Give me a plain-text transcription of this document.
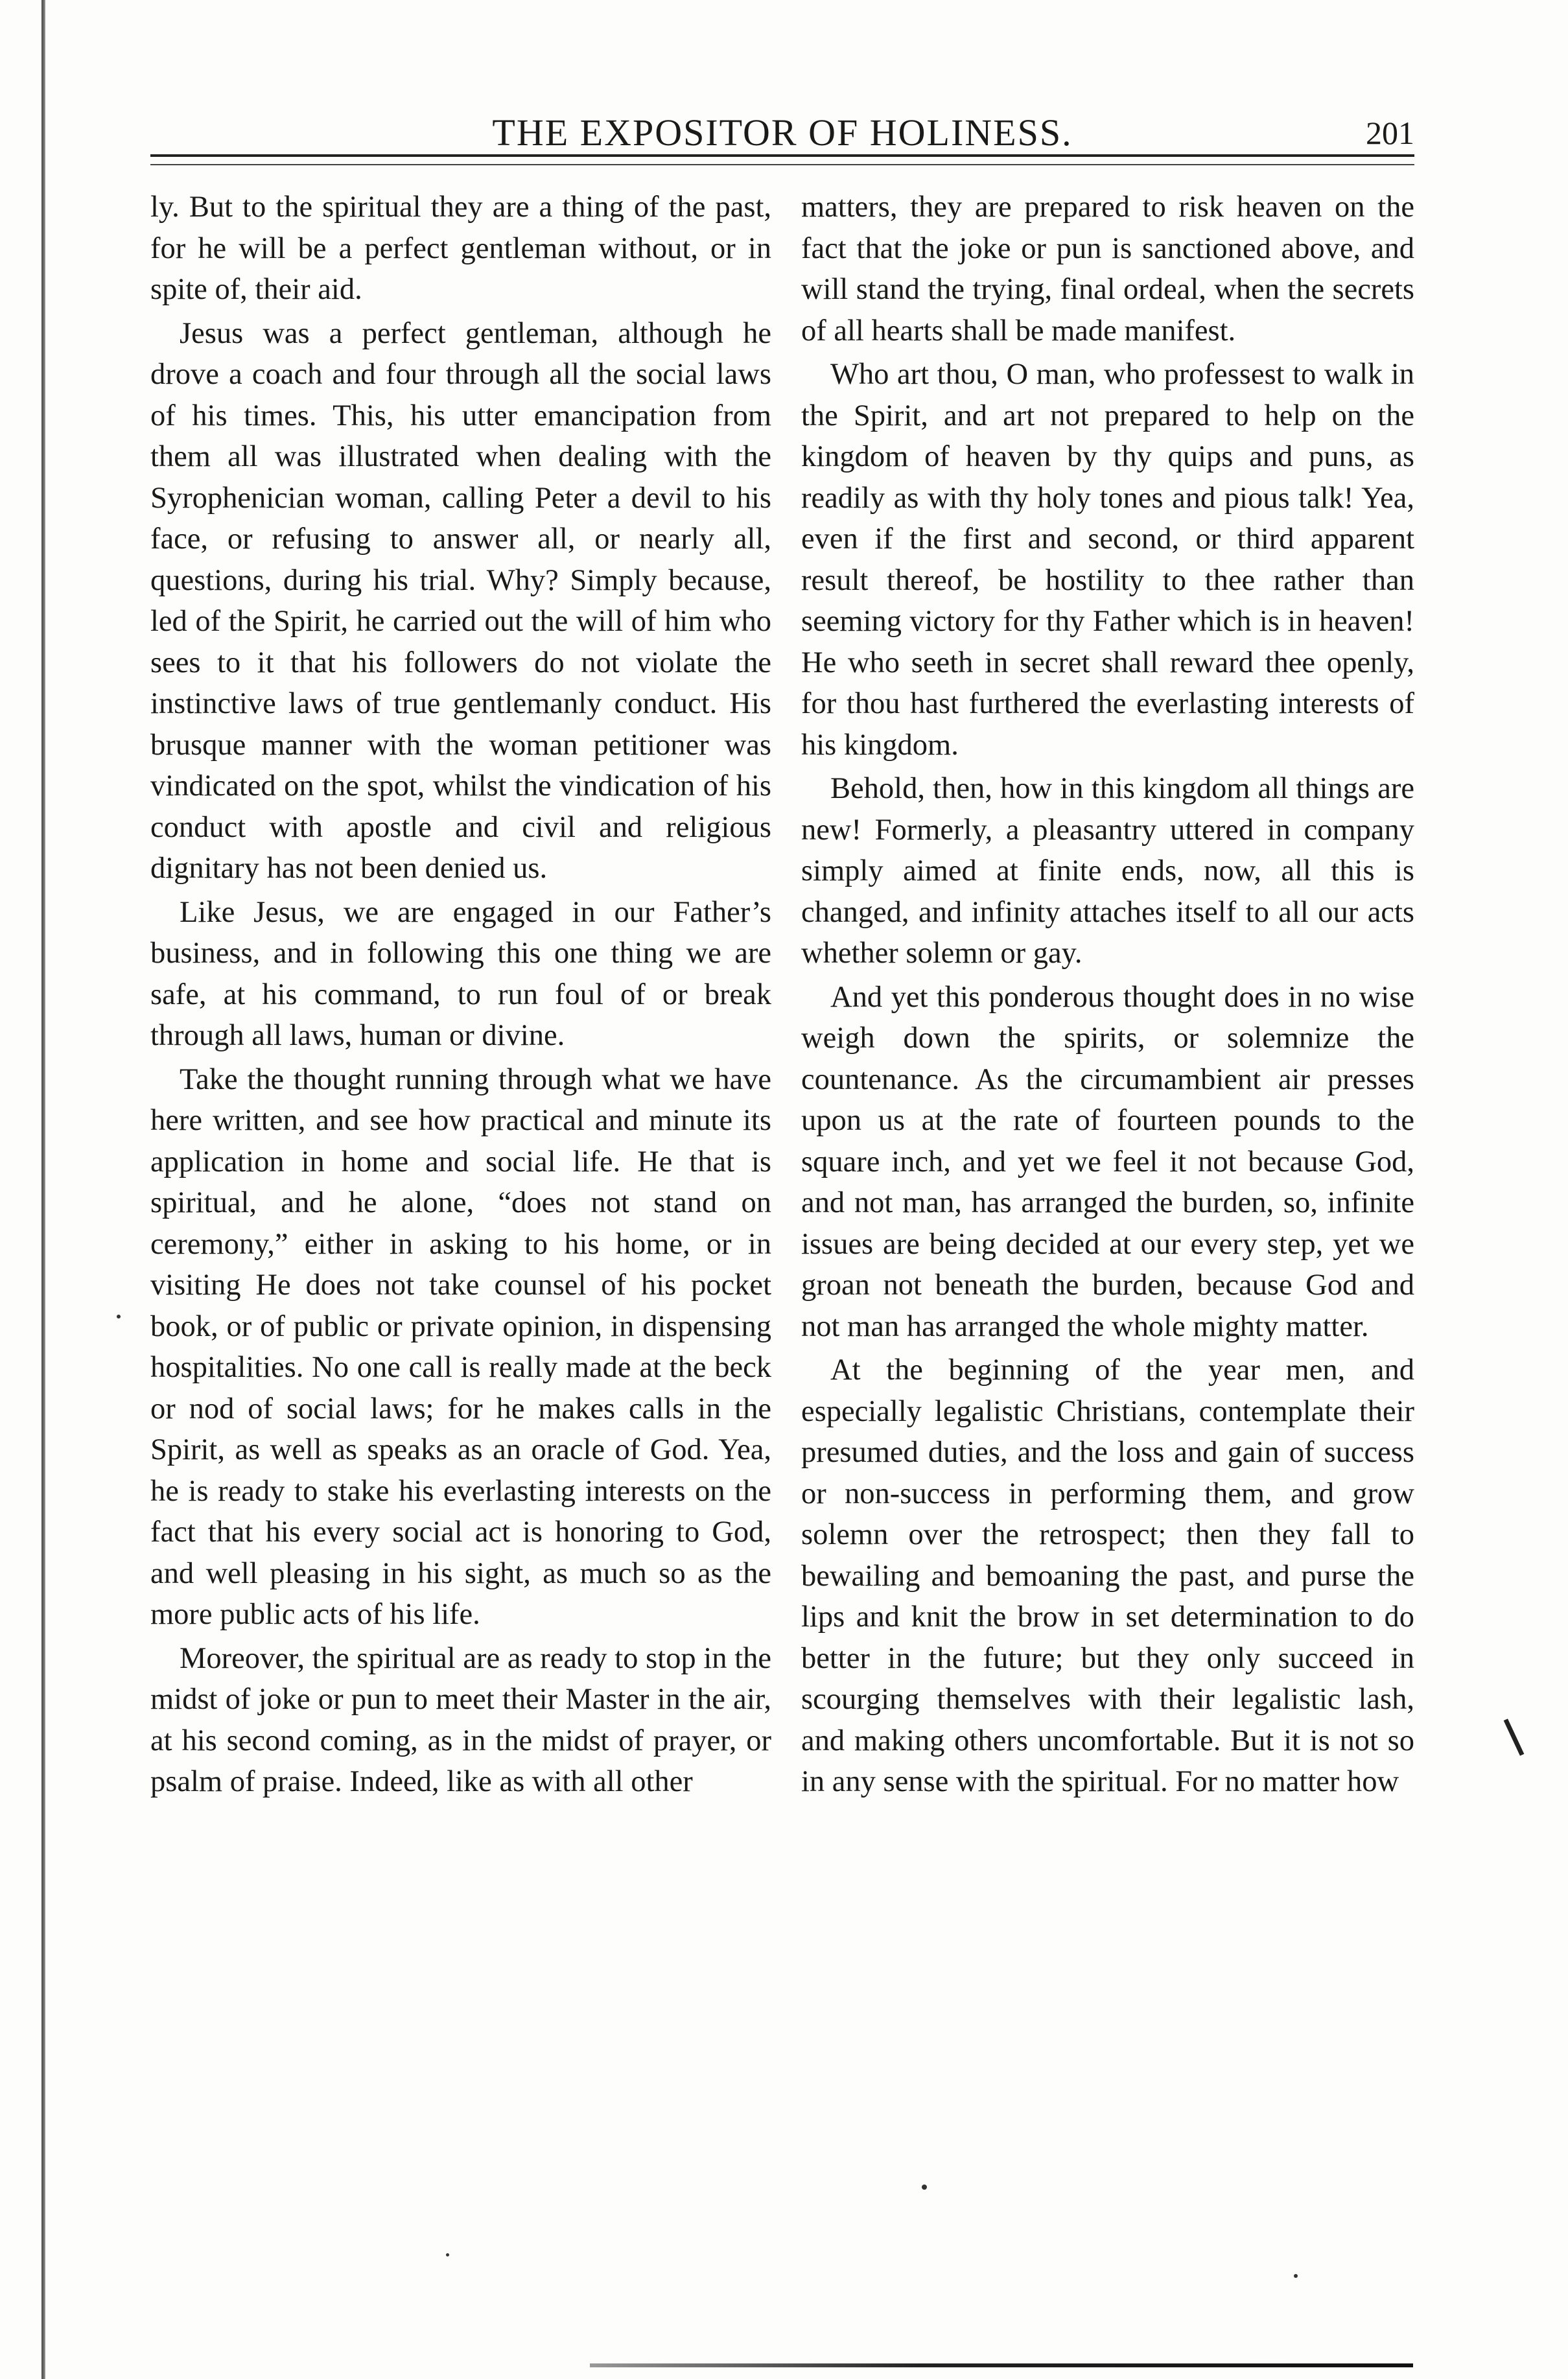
THE EXPOSITOR OF HOLINESS.	201

ly. But to the spiritual they are a thing of the past, for he will be a perfect gentleman without, or in spite of, their aid.

Jesus was a perfect gentleman, although he drove a coach and four through all the social laws of his times. This, his utter emancipation from them all was illustrated when dealing with the Syrophenician woman, calling Peter a devil to his face, or refusing to answer all, or nearly all, questions, during his trial. Why? Simply because, led of the Spirit, he carried out the will of him who sees to it that his followers do not violate the instinctive laws of true gentlemanly conduct. His brusque manner with the woman petitioner was vindicated on the spot, whilst the vindication of his conduct with apostle and civil and religious dignitary has not been denied us.

Like Jesus, we are engaged in our Father’s business, and in following this one thing we are safe, at his command, to run foul of or break through all laws, human or divine.

Take the thought running through what we have here written, and see how practical and minute its application in home and social life. He that is spiritual, and he alone, “does not stand on ceremony,” either in asking to his home, or in visiting He does not take counsel of his pocket book, or of public or private opinion, in dispensing hospitalities. No one call is really made at the beck or nod of social laws; for he makes calls in the Spirit, as well as speaks as an oracle of God. Yea, he is ready to stake his everlasting interests on the fact that his every social act is honoring to God, and well pleasing in his sight, as much so as the more public acts of his life.

Moreover, the spiritual are as ready to stop in the midst of joke or pun to meet their Master in the air, at his second coming, as in the midst of prayer, or psalm of praise. Indeed, like as with all other

matters, they are prepared to risk heaven on the fact that the joke or pun is sanctioned above, and will stand the trying, final ordeal, when the secrets of all hearts shall be made manifest.

Who art thou, O man, who professest to walk in the Spirit, and art not prepared to help on the kingdom of heaven by thy quips and puns, as readily as with thy holy tones and pious talk! Yea, even if the first and second, or third apparent result thereof, be hostility to thee rather than seeming victory for thy Father which is in heaven! He who seeth in secret shall reward thee openly, for thou hast furthered the everlasting interests of his kingdom.

Behold, then, how in this kingdom all things are new! Formerly, a pleasantry uttered in company simply aimed at finite ends, now, all this is changed, and infinity attaches itself to all our acts whether solemn or gay.

And yet this ponderous thought does in no wise weigh down the spirits, or solemnize the countenance. As the circumambient air presses upon us at the rate of fourteen pounds to the square inch, and yet we feel it not because God, and not man, has arranged the burden, so, infinite issues are being decided at our every step, yet we groan not beneath the burden, because God and not man has arranged the whole mighty matter.

At the beginning of the year men, and especially legalistic Christians, contemplate their presumed duties, and the loss and gain of success or non-success in performing them, and grow solemn over the retrospect; then they fall to bewailing and bemoaning the past, and purse the lips and knit the brow in set determination to do better in the future; but they only succeed in scourging themselves with their legalistic lash, and making others uncomfortable. But it is not so in any sense with the spiritual. For no matter how
